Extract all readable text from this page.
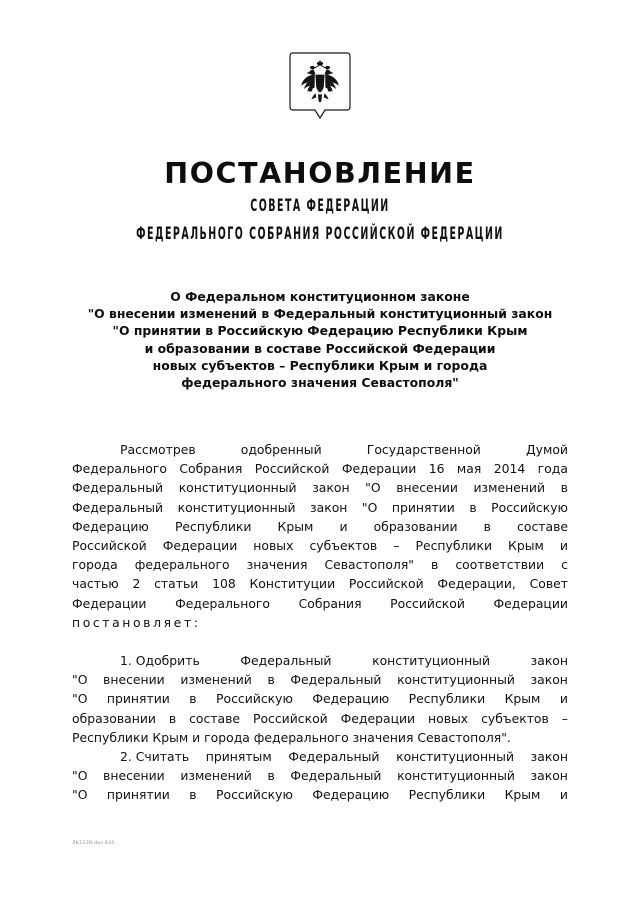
ПОСТАНОВЛЕНИЕ
СОВЕТА ФЕДЕРАЦИИ
ФЕДЕРАЛЬНОГО СОБРАНИЯ РОССИЙСКОЙ ФЕДЕРАЦИИ
О Федеральном конституционном законе
"О внесении изменений в Федеральный конституционный закон
"О принятии в Российскую Федерацию Республики Крым
и образовании в составе Российской Федерации
новых субъектов – Республики Крым и города
федерального значения Севастополя"
Рассмотрев	одобренный	Государственной	Думой
Федерального Собрания Российской Федерации 16 мая 2014 года
Федеральный конституционный закон "О внесении изменений в
Федеральный конституционный закон "О принятии в Российскую
Федерацию Республики Крым и образовании в составе
Российской Федерации новых субъектов – Республики Крым и
города федерального значения Севастополя" в соответствии с
частью 2 статьи 108 Конституции Российской Федерации, Совет
Федерации Федерального Собрания Российской Федерации
постановляет:
1. Одобрить	Федеральный	конституционный	закон
"О внесении изменений в Федеральный конституционный закон
"О принятии в Российскую Федерацию Республики Крым и
образовании в составе Российской Федерации новых субъектов –
Республики Крым и города федерального значения Севастополя".
2. Считать принятым Федеральный конституционный закон
"О внесении изменений в Федеральный конституционный закон
"О принятии в Российскую Федерацию Республики Крым и
ЛК123R.doc 645
